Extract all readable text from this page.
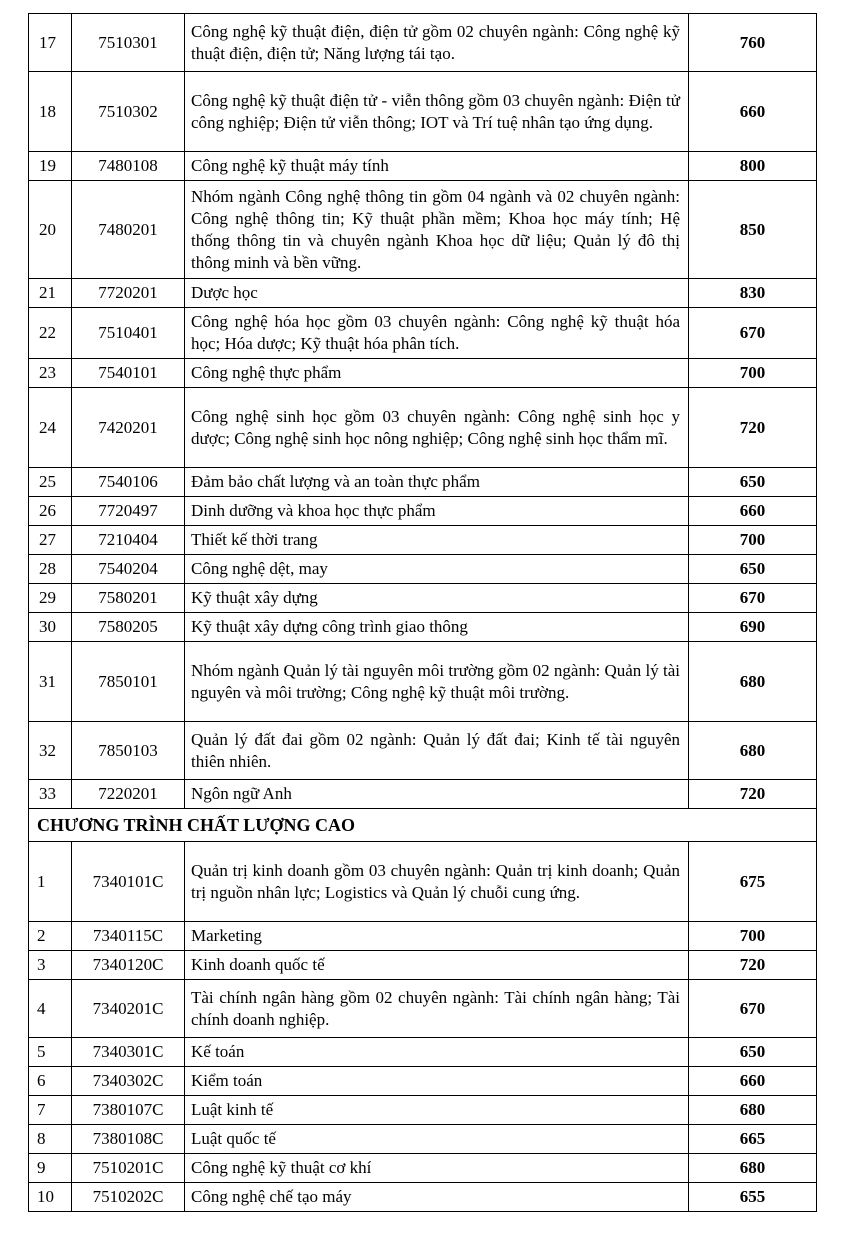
17	7510301	Công nghệ kỹ thuật điện, điện tử gồm 02 chuyên ngành: Công nghệ kỹ thuật điện, điện tử; Năng lượng tái tạo.	760
18	7510302	Công nghệ kỹ thuật điện tử - viễn thông gồm 03 chuyên ngành: Điện tử công nghiệp; Điện tử viễn thông; IOT và Trí tuệ nhân tạo ứng dụng.	660
19	7480108	Công nghệ kỹ thuật máy tính	800
20	7480201	Nhóm ngành Công nghệ thông tin gồm 04 ngành và 02 chuyên ngành: Công nghệ thông tin; Kỹ thuật phần mềm; Khoa học máy tính; Hệ thống thông tin và chuyên ngành Khoa học dữ liệu; Quản lý đô thị thông minh và bền vững.	850
21	7720201	Dược học	830
22	7510401	Công nghệ hóa học gồm 03 chuyên ngành: Công nghệ kỹ thuật hóa học; Hóa dược; Kỹ thuật hóa phân tích.	670
23	7540101	Công nghệ thực phẩm	700
24	7420201	Công nghệ sinh học gồm 03 chuyên ngành: Công nghệ sinh học y dược; Công nghệ sinh học nông nghiệp; Công nghệ sinh học thẩm mĩ.	720
25	7540106	Đảm bảo chất lượng và an toàn thực phẩm	650
26	7720497	Dinh dưỡng và khoa học thực phẩm	660
27	7210404	Thiết kế thời trang	700
28	7540204	Công nghệ dệt, may	650
29	7580201	Kỹ thuật xây dựng	670
30	7580205	Kỹ thuật xây dựng công trình giao thông	690
31	7850101	Nhóm ngành Quản lý tài nguyên môi trường gồm 02 ngành: Quản lý tài nguyên và môi trường; Công nghệ kỹ thuật môi trường.	680
32	7850103	Quản lý đất đai gồm 02 ngành: Quản lý đất đai; Kinh tế tài nguyên thiên nhiên.	680
33	7220201	Ngôn ngữ Anh	720
CHƯƠNG TRÌNH CHẤT LƯỢNG CAO			
1	7340101C	Quản trị kinh doanh gồm 03 chuyên ngành: Quản trị kinh doanh; Quản trị nguồn nhân lực; Logistics và Quản lý chuỗi cung ứng.	675
2	7340115C	Marketing	700
3	7340120C	Kinh doanh quốc tế	720
4	7340201C	Tài chính ngân hàng gồm 02 chuyên ngành: Tài chính ngân hàng; Tài chính doanh nghiệp.	670
5	7340301C	Kế toán	650
6	7340302C	Kiểm toán	660
7	7380107C	Luật kinh tế	680
8	7380108C	Luật quốc tế	665
9	7510201C	Công nghệ kỹ thuật cơ khí	680
10	7510202C	Công nghệ chế tạo máy	655
